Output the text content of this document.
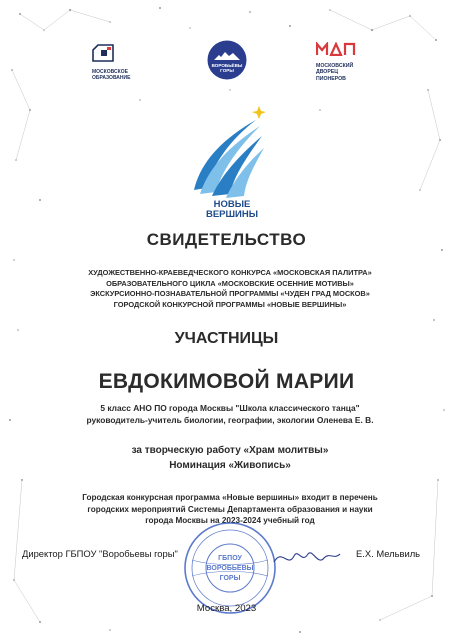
МОСКОВСКОЕ
ОБРАЗОВАНИЕ
ВОРОБЬЁВЫ
ГОРЫ
МОСКОВСКИЙ
ДВОРЕЦ
ПИОНЕРОВ
НОВЫЕ
ВЕРШИНЫ
СВИДЕТЕЛЬСТВО
ХУДОЖЕСТВЕННО-КРАЕВЕДЧЕСКОГО КОНКУРСА «МОСКОВСКАЯ ПАЛИТРА»
ОБРАЗОВАТЕЛЬНОГО ЦИКЛА «МОСКОВСКИЕ ОСЕННИЕ МОТИВЫ»
ЭКСКУРСИОННО-ПОЗНАВАТЕЛЬНОЙ ПРОГРАММЫ «ЧУДЕН ГРАД МОСКОВ»
ГОРОДСКОЙ КОНКУРСНОЙ ПРОГРАММЫ «НОВЫЕ ВЕРШИНЫ»
УЧАСТНИЦЫ
ЕВДОКИМОВОЙ МАРИИ
5 класс АНО ПО города Москвы "Школа классического танца"
руководитель-учитель биологии, географии, экологии Оленева Е. В.
за творческую работу «Храм молитвы»
Номинация «Живопись»
Городская конкурсная программа «Новые вершины» входит в перечень
городских мероприятий Системы Департамента образования и науки
города Москвы на 2023-2024 учебный год
ГБПОУ
ВОРОБЬЕВЫ
ГОРЫ
Директор ГБПОУ "Воробьевы горы"	Е.Х. Мельвиль
Москва, 2023
